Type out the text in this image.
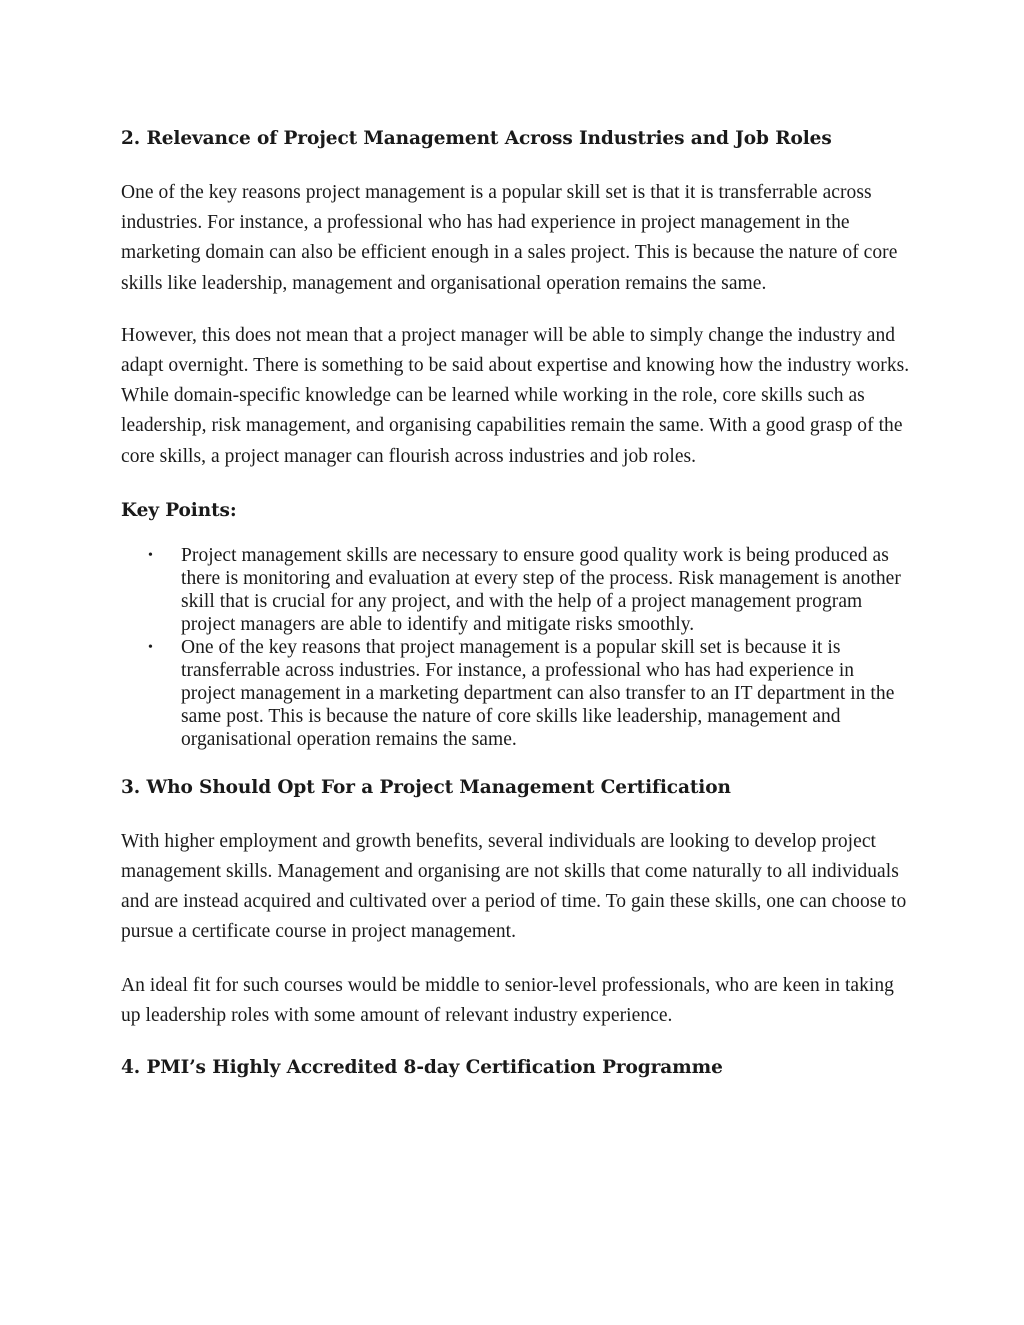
2. Relevance of Project Management Across Industries and Job Roles

One of the key reasons project management is a popular skill set is that it is transferrable across industries. For instance, a professional who has had experience in project management in the marketing domain can also be efficient enough in a sales project. This is because the nature of core skills like leadership, management and organisational operation remains the same.

However, this does not mean that a project manager will be able to simply change the industry and adapt overnight. There is something to be said about expertise and knowing how the industry works. While domain-specific knowledge can be learned while working in the role, core skills such as leadership, risk management, and organising capabilities remain the same. With a good grasp of the core skills, a project manager can flourish across industries and job roles.

Key Points:
• Project management skills are necessary to ensure good quality work is being produced as there is monitoring and evaluation at every step of the process. Risk management is another skill that is crucial for any project, and with the help of a project management program project managers are able to identify and mitigate risks smoothly.
• One of the key reasons that project management is a popular skill set is because it is transferrable across industries. For instance, a professional who has had experience in project management in a marketing department can also transfer to an IT department in the same post. This is because the nature of core skills like leadership, management and organisational operation remains the same.
3. Who Should Opt For a Project Management Certification

With higher employment and growth benefits, several individuals are looking to develop project management skills. Management and organising are not skills that come naturally to all individuals and are instead acquired and cultivated over a period of time. To gain these skills, one can choose to pursue a certificate course in project management.

An ideal fit for such courses would be middle to senior-level professionals, who are keen in taking up leadership roles with some amount of relevant industry experience.

4. PMI’s Highly Accredited 8-day Certification Programme
